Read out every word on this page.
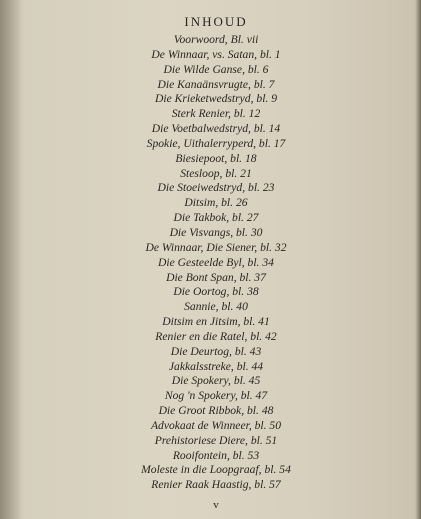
INHOUD
Voorwoord, Bl. vii
De Winnaar, vs. Satan, bl. 1
Die Wilde Ganse, bl. 6
Die Kanaänsvrugte, bl. 7
Die Krieketwedstryd, bl. 9
Sterk Renier, bl. 12
Die Voetbalwedstryd, bl. 14
Spokie, Uithalerryperd, bl. 17
Biesiepoot, bl. 18
Stesloop, bl. 21
Die Stoeiwedstryd, bl. 23
Ditsim, bl. 26
Die Takbok, bl. 27
Die Visvangs, bl. 30
De Winnaar, Die Siener, bl. 32
Die Gesteelde Byl, bl. 34
Die Bont Span, bl. 37
Die Oortog, bl. 38
Sannie, bl. 40
Ditsim en Jitsim, bl. 41
Renier en die Ratel, bl. 42
Die Deurtog, bl. 43
Jakkalsstreke, bl. 44
Die Spokery, bl. 45
Nog 'n Spokery, bl. 47
Die Groot Ribbok, bl. 48
Advokaat de Winneer, bl. 50
Prehistoriese Diere, bl. 51
Rooifontein, bl. 53
Moleste in die Loopgraaf, bl. 54
Renier Raak Haastig, bl. 57
v
